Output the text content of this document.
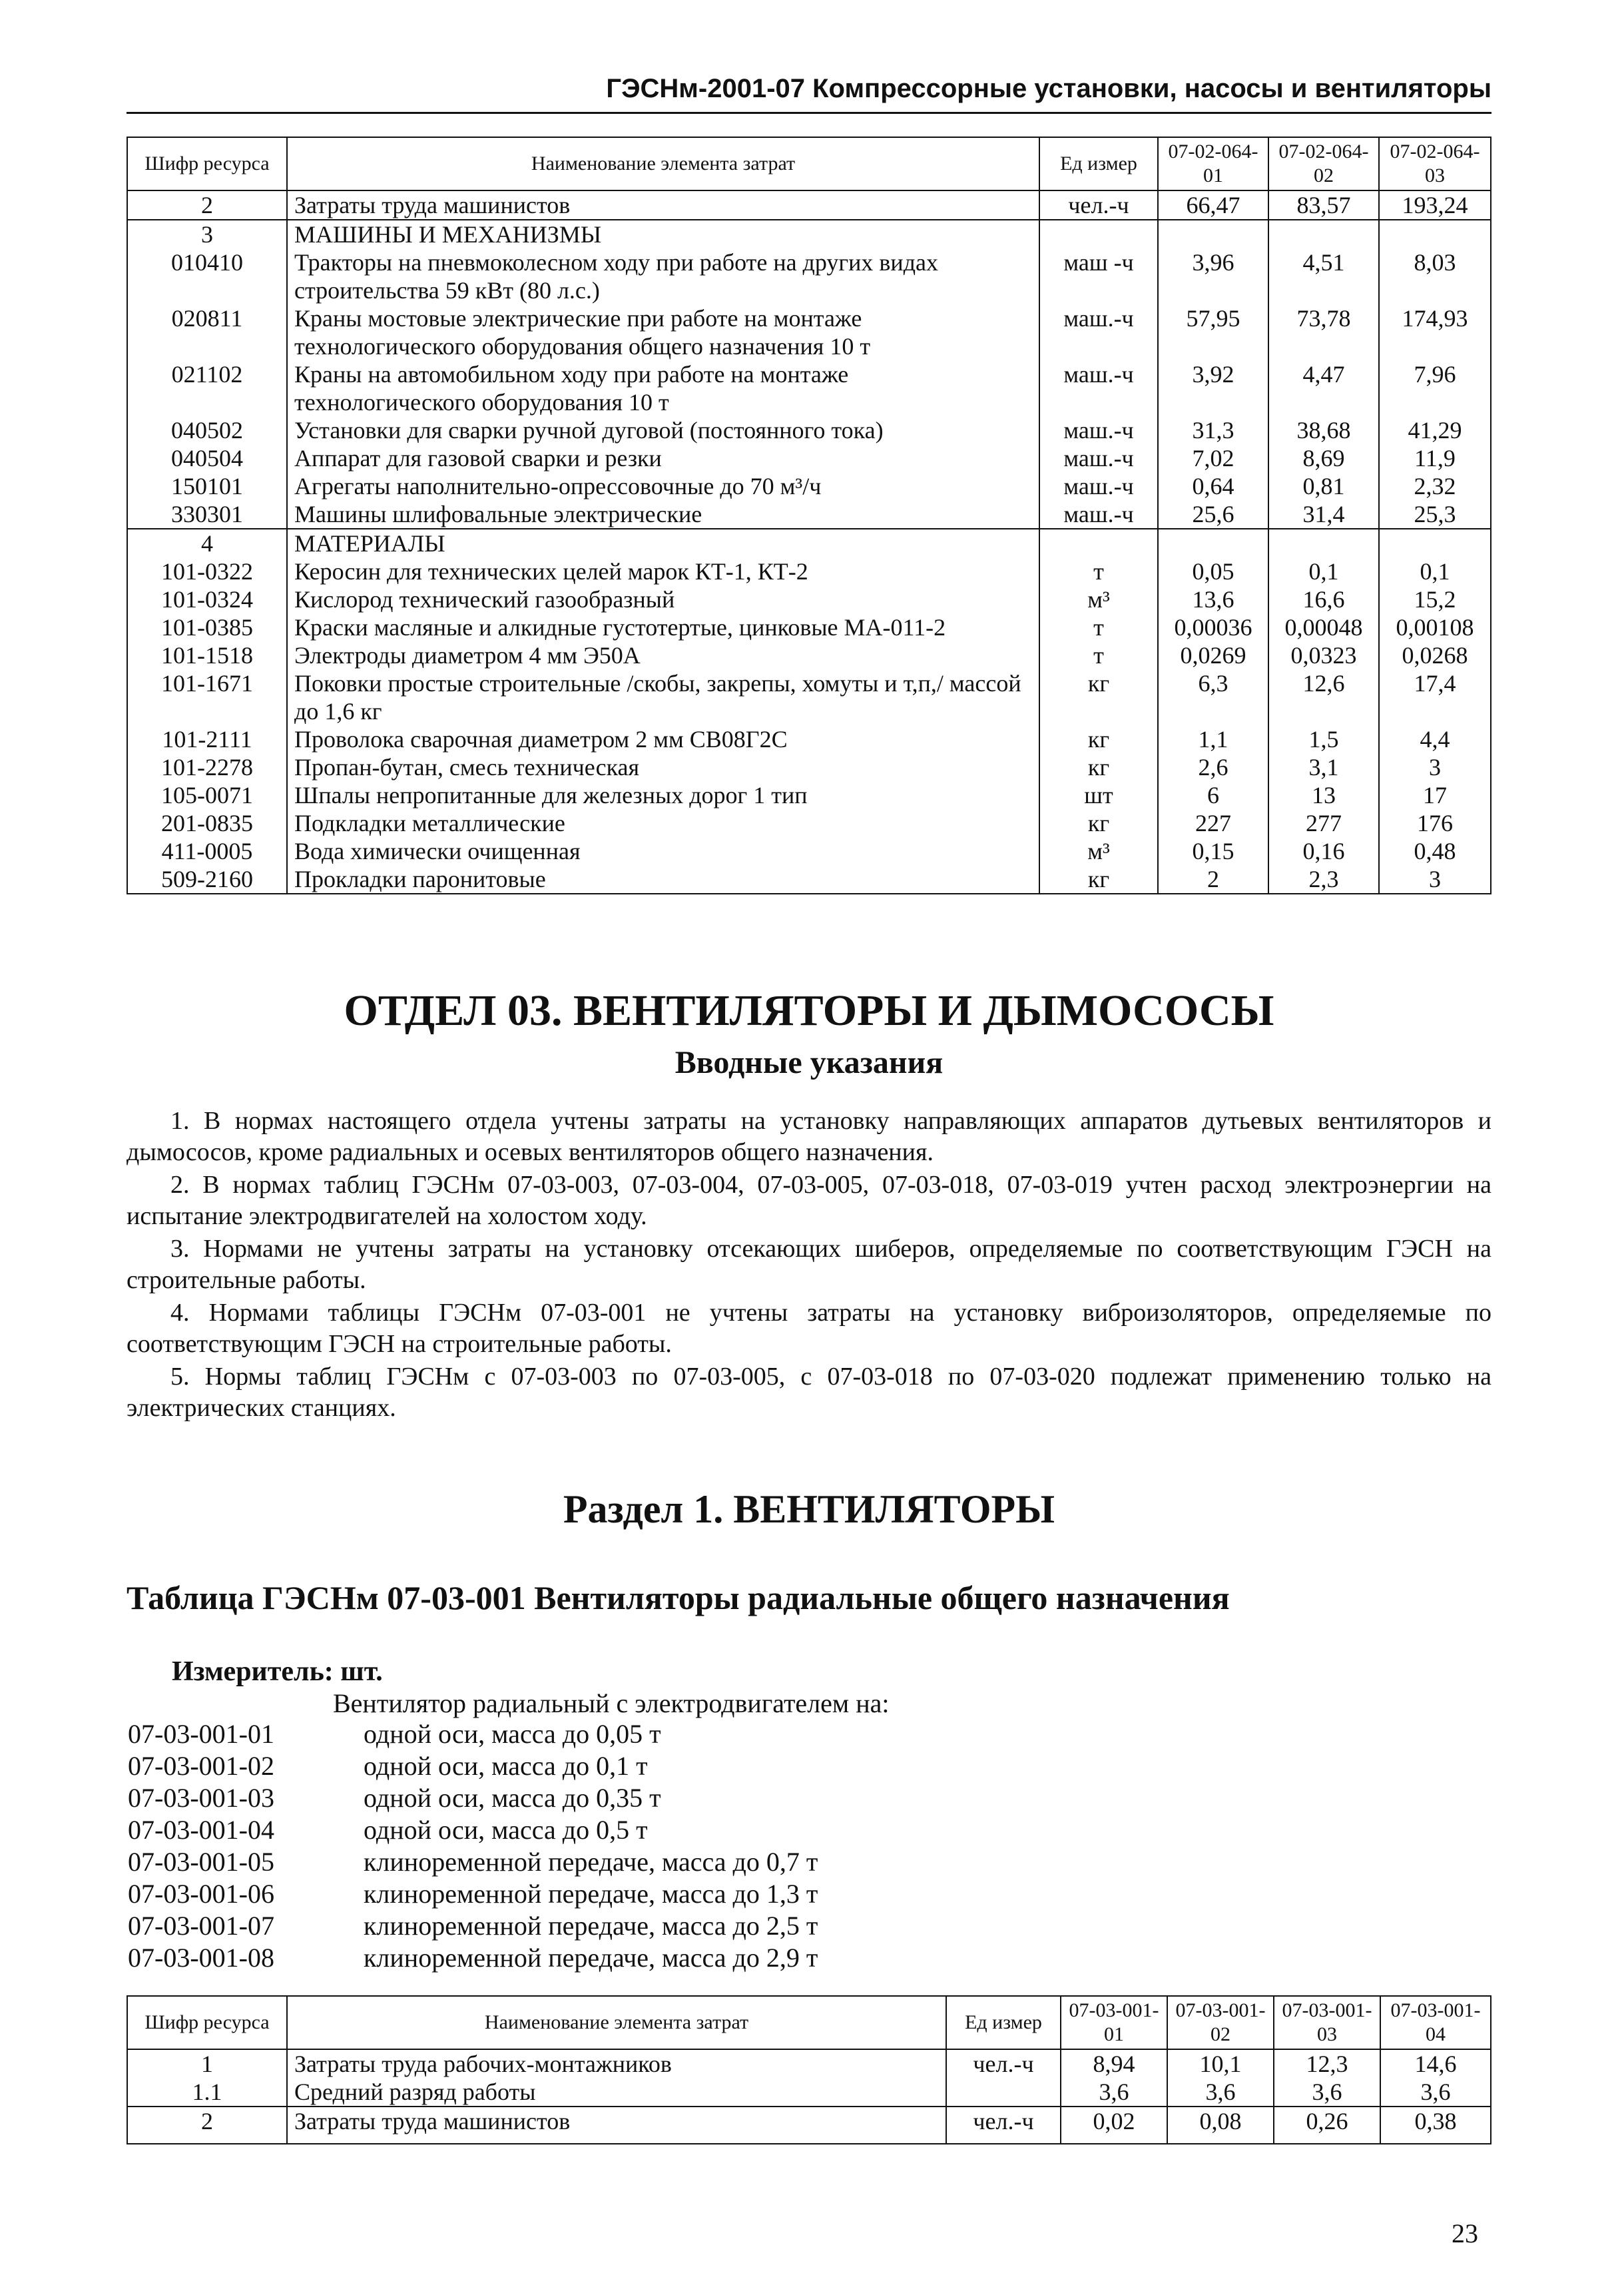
ГЭСНм-2001-07 Компрессорные установки, насосы и вентиляторы
Шифр ресурса	Наименование элемента затрат	Ед измер	07-02-064-01	07-02-064-02	07-02-064-03
2	Затраты труда машинистов	чел.-ч	66,47	83,57	193,24
3	МАШИНЫ И МЕХАНИЗМЫ				
010410	Тракторы на пневмоколесном ходу при работе на других видах строительства 59 кВт (80 л.с.)	маш -ч	3,96	4,51	8,03
020811	Краны мостовые электрические при работе на монтаже технологического оборудования общего назначения 10 т	маш.-ч	57,95	73,78	174,93
021102	Краны на автомобильном ходу при работе на монтаже технологического оборудования 10 т	маш.-ч	3,92	4,47	7,96
040502	Установки для сварки ручной дуговой (постоянного тока)	маш.-ч	31,3	38,68	41,29
040504	Аппарат для газовой сварки и резки	маш.-ч	7,02	8,69	11,9
150101	Агрегаты наполнительно-опрессовочные до 70 м³/ч	маш.-ч	0,64	0,81	2,32
330301	Машины шлифовальные электрические	маш.-ч	25,6	31,4	25,3
4	МАТЕРИАЛЫ				
101-0322	Керосин для технических целей марок КТ-1, КТ-2	т	0,05	0,1	0,1
101-0324	Кислород технический газообразный	м³	13,6	16,6	15,2
101-0385	Краски масляные и алкидные густотертые, цинковые МА-011-2	т	0,00036	0,00048	0,00108
101-1518	Электроды диаметром 4 мм Э50А	т	0,0269	0,0323	0,0268
101-1671	Поковки простые строительные /скобы, закрепы, хомуты и т,п,/ массой до 1,6 кг	кг	6,3	12,6	17,4
101-2111	Проволока сварочная диаметром 2 мм СВ08Г2С	кг	1,1	1,5	4,4
101-2278	Пропан-бутан, смесь техническая	кг	2,6	3,1	3
105-0071	Шпалы непропитанные для железных дорог 1 тип	шт	6	13	17
201-0835	Подкладки металлические	кг	227	277	176
411-0005	Вода химически очищенная	м³	0,15	0,16	0,48
509-2160	Прокладки паронитовые	кг	2	2,3	3
ОТДЕЛ 03. ВЕНТИЛЯТОРЫ И ДЫМОСОСЫ
Вводные указания

1. В нормах настоящего отдела учтены затраты на установку направляющих аппаратов дутьевых вентиляторов и дымососов, кроме радиальных и осевых вентиляторов общего назначения.

2. В нормах таблиц ГЭСНм 07-03-003, 07-03-004, 07-03-005, 07-03-018, 07-03-019 учтен расход электроэнергии на испытание электродвигателей на холостом ходу.

3. Нормами не учтены затраты на установку отсекающих шиберов, определяемые по соответствующим ГЭСН на строительные работы.

4. Нормами таблицы ГЭСНм 07-03-001 не учтены затраты на установку виброизоляторов, определяемые по соответствующим ГЭСН на строительные работы.

5. Нормы таблиц ГЭСНм с 07-03-003 по 07-03-005, с 07-03-018 по 07-03-020 подлежат применению только на электрических станциях.

Раздел 1. ВЕНТИЛЯТОРЫ
Таблица ГЭСНм 07-03-001 Вентиляторы радиальные общего назначения
Измеритель: шт.
Вентилятор радиальный с электродвигателем на:
07-03-001-01	одной оси, масса до 0,05 т
07-03-001-02	одной оси, масса до 0,1 т
07-03-001-03	одной оси, масса до 0,35 т
07-03-001-04	одной оси, масса до 0,5 т
07-03-001-05	клиноременной передаче, масса до 0,7 т
07-03-001-06	клиноременной передаче, масса до 1,3 т
07-03-001-07	клиноременной передаче, масса до 2,5 т
07-03-001-08	клиноременной передаче, масса до 2,9 т
Шифр ресурса	Наименование элемента затрат	Ед измер	07-03-001-01	07-03-001-02	07-03-001-03	07-03-001-04
1	Затраты труда рабочих-монтажников	чел.-ч	8,94	10,1	12,3	14,6
1.1	Средний разряд работы		3,6	3,6	3,6	3,6
2	Затраты труда машинистов	чел.-ч	0,02	0,08	0,26	0,38
23
